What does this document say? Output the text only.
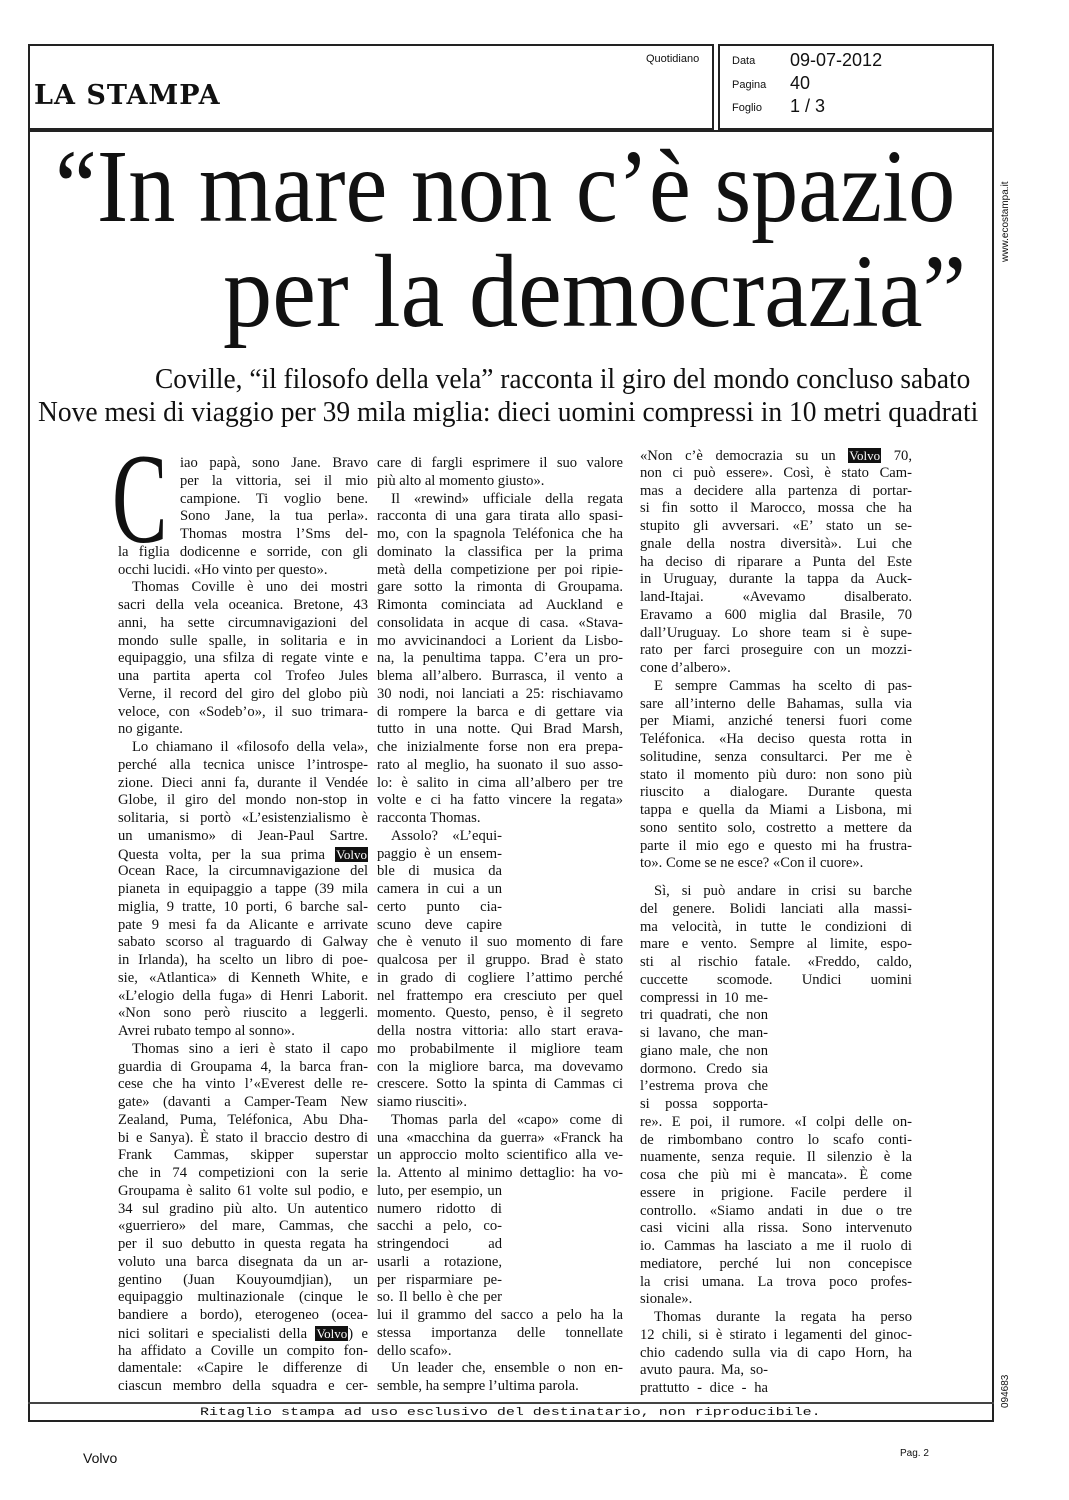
LA STAMPA
Quotidiano	Data 09-07-2012
Pagina 40
Foglio 1 / 3
www.ecostampa.it
094683
“In mare non c’è spazio
per la democrazia”
Coville, “il filosofo della vela” racconta il giro del mondo concluso sabato
Nove mesi di viaggio per 39 mila miglia: dieci uomini compressi in 10 metri quadrati
C iao papà, sono Jane. Bravo
per la vittoria, sei il mio
campione. Ti voglio bene.
Sono Jane, la tua perla».
Thomas mostra l’Sms del-
la figlia dodicenne e sorride, con gli
occhi lucidi. «Ho vinto per questo».
Thomas Coville è uno dei mostri
sacri della vela oceanica. Bretone, 43
anni, ha sette circumnavigazioni del
mondo sulle spalle, in solitaria e in
equipaggio, una sfilza di regate vinte e
una partita aperta col Trofeo Jules
Verne, il record del giro del globo più
veloce, con «Sodeb’o», il suo trimara-
no gigante.
Lo chiamano il «filosofo della vela»,
perché alla tecnica unisce l’introspe-
zione. Dieci anni fa, durante il Vendée
Globe, il giro del mondo non-stop in
solitaria, si portò «L’esistenzialismo è
un umanismo» di Jean-Paul Sartre.
Questa volta, per la sua prima Volvo
Ocean Race, la circumnavigazione del
pianeta in equipaggio a tappe (39 mila
miglia, 9 tratte, 10 porti, 6 barche sal-
pate 9 mesi fa da Alicante e arrivate
sabato scorso al traguardo di Galway
in Irlanda), ha scelto un libro di poe-
sie, «Atlantica» di Kenneth White, e
«L’elogio della fuga» di Henri Laborit.
«Non sono però riuscito a leggerli.
Avrei rubato tempo al sonno».
Thomas sino a ieri è stato il capo
guardia di Groupama 4, la barca fran-
cese che ha vinto l’«Everest delle re-
gate» (davanti a Camper-Team New
Zealand, Puma, Teléfonica, Abu Dha-
bi e Sanya). È stato il braccio destro di
Frank Cammas, skipper superstar
che in 74 competizioni con la serie
Groupama è salito 61 volte sul podio, e
34 sul gradino più alto. Un autentico
«guerriero» del mare, Cammas, che
per il suo debutto in questa regata ha
voluto una barca disegnata da un ar-
gentino (Juan Kouyoumdjian), un
equipaggio multinazionale (cinque le
bandiere a bordo), eterogeneo (ocea-
nici solitari e specialisti della Volvo) e
ha affidato a Coville un compito fon-
damentale: «Capire le differenze di
ciascun membro della squadra e cer-
care di fargli esprimere il suo valore
più alto al momento giusto».
Il «rewind» ufficiale della regata
racconta di una gara tirata allo spasi-
mo, con la spagnola Teléfonica che ha
dominato la classifica per la prima
metà della competizione per poi ripie-
gare sotto la rimonta di Groupama.
Rimonta cominciata ad Auckland e
consolidata in acque di casa. «Stava-
mo avvicinandoci a Lorient da Lisbo-
na, la penultima tappa. C’era un pro-
blema all’albero. Burrasca, il vento a
30 nodi, noi lanciati a 25: rischiavamo
di rompere la barca e di gettare via
tutto in una notte. Qui Brad Marsh,
che inizialmente forse non era prepa-
rato al meglio, ha suonato il suo asso-
lo: è salito in cima all’albero per tre
volte e ci ha fatto vincere la regata»
racconta Thomas.
Assolo? «L’equi-
paggio è un ensem-
ble di musica da
camera in cui a un
certo punto cia-
scuno deve capire
che è venuto il suo momento di fare
qualcosa per il gruppo. Brad è stato
in grado di cogliere l’attimo perché
nel frattempo era cresciuto per quel
momento. Questo, penso, è il segreto
della nostra vittoria: allo start erava-
mo probabilmente il migliore team
con la migliore barca, ma dovevamo
crescere. Sotto la spinta di Cammas ci
siamo riusciti».
Thomas parla del «capo» come di
una «macchina da guerra» «Franck ha
un approccio molto scientifico alla ve-
la. Attento al minimo dettaglio: ha vo-
luto, per esempio, un
numero ridotto di
sacchi a pelo, co-
stringendoci ad
usarli a rotazione,
per risparmiare pe-
so. Il bello è che per
lui il grammo del sacco a pelo ha la
stessa importanza delle tonnellate
dello scafo».
Un leader che, ensemble o non en-
semble, ha sempre l’ultima parola.
«Non c’è democrazia su un Volvo 70,
non ci può essere». Così, è stato Cam-
mas a decidere alla partenza di portar-
si fin sotto il Marocco, mossa che ha
stupito gli avversari. «E’ stato un se-
gnale della nostra diversità». Lui che
ha deciso di riparare a Punta del Este
in Uruguay, durante la tappa da Auck-
land-Itajai. «Avevamo disalberato.
Eravamo a 600 miglia dal Brasile, 70
dall’Uruguay. Lo shore team si è supe-
rato per farci proseguire con un mozzi-
cone d’albero».
E sempre Cammas ha scelto di pas-
sare all’interno delle Bahamas, sulla via
per Miami, anziché tenersi fuori come
Teléfonica. «Ha deciso questa rotta in
solitudine, senza consultarci. Per me è
stato il momento più duro: non sono più
riuscito a dialogare. Durante questa
tappa e quella da Miami a Lisbona, mi
sono sentito solo, costretto a mettere da
parte il mio ego e questo mi ha frustra-
to». Come se ne esce? «Con il cuore».
Sì, si può andare in crisi su barche
del genere. Bolidi lanciati alla massi-
ma velocità, in tutte le condizioni di
mare e vento. Sempre al limite, espo-
sti al rischio fatale. «Freddo, caldo,
cuccette scomode. Undici uomini
compressi in 10 me-
tri quadrati, che non
si lavano, che man-
giano male, che non
dormono. Credo sia
l’estrema prova che
si possa sopporta-
re». E poi, il rumore. «I colpi delle on-
de rimbombano contro lo scafo conti-
nuamente, senza requie. Il silenzio è la
cosa che più mi è mancata». È come
essere in prigione. Facile perdere il
controllo. «Siamo andati in due o tre
casi vicini alla rissa. Sono intervenuto
io. Cammas ha lasciato a me il ruolo di
mediatore, perché lui non concepisce
la crisi umana. La trova poco profes-
sionale».
Thomas durante la regata ha perso
12 chili, si è stirato i legamenti del ginoc-
chio cadendo sulla via di capo Horn, ha
avuto paura. Ma, so-
prattutto - dice - ha
Ritaglio stampa ad uso esclusivo del destinatario, non riproducibile.
Volvo	Pag. 2
